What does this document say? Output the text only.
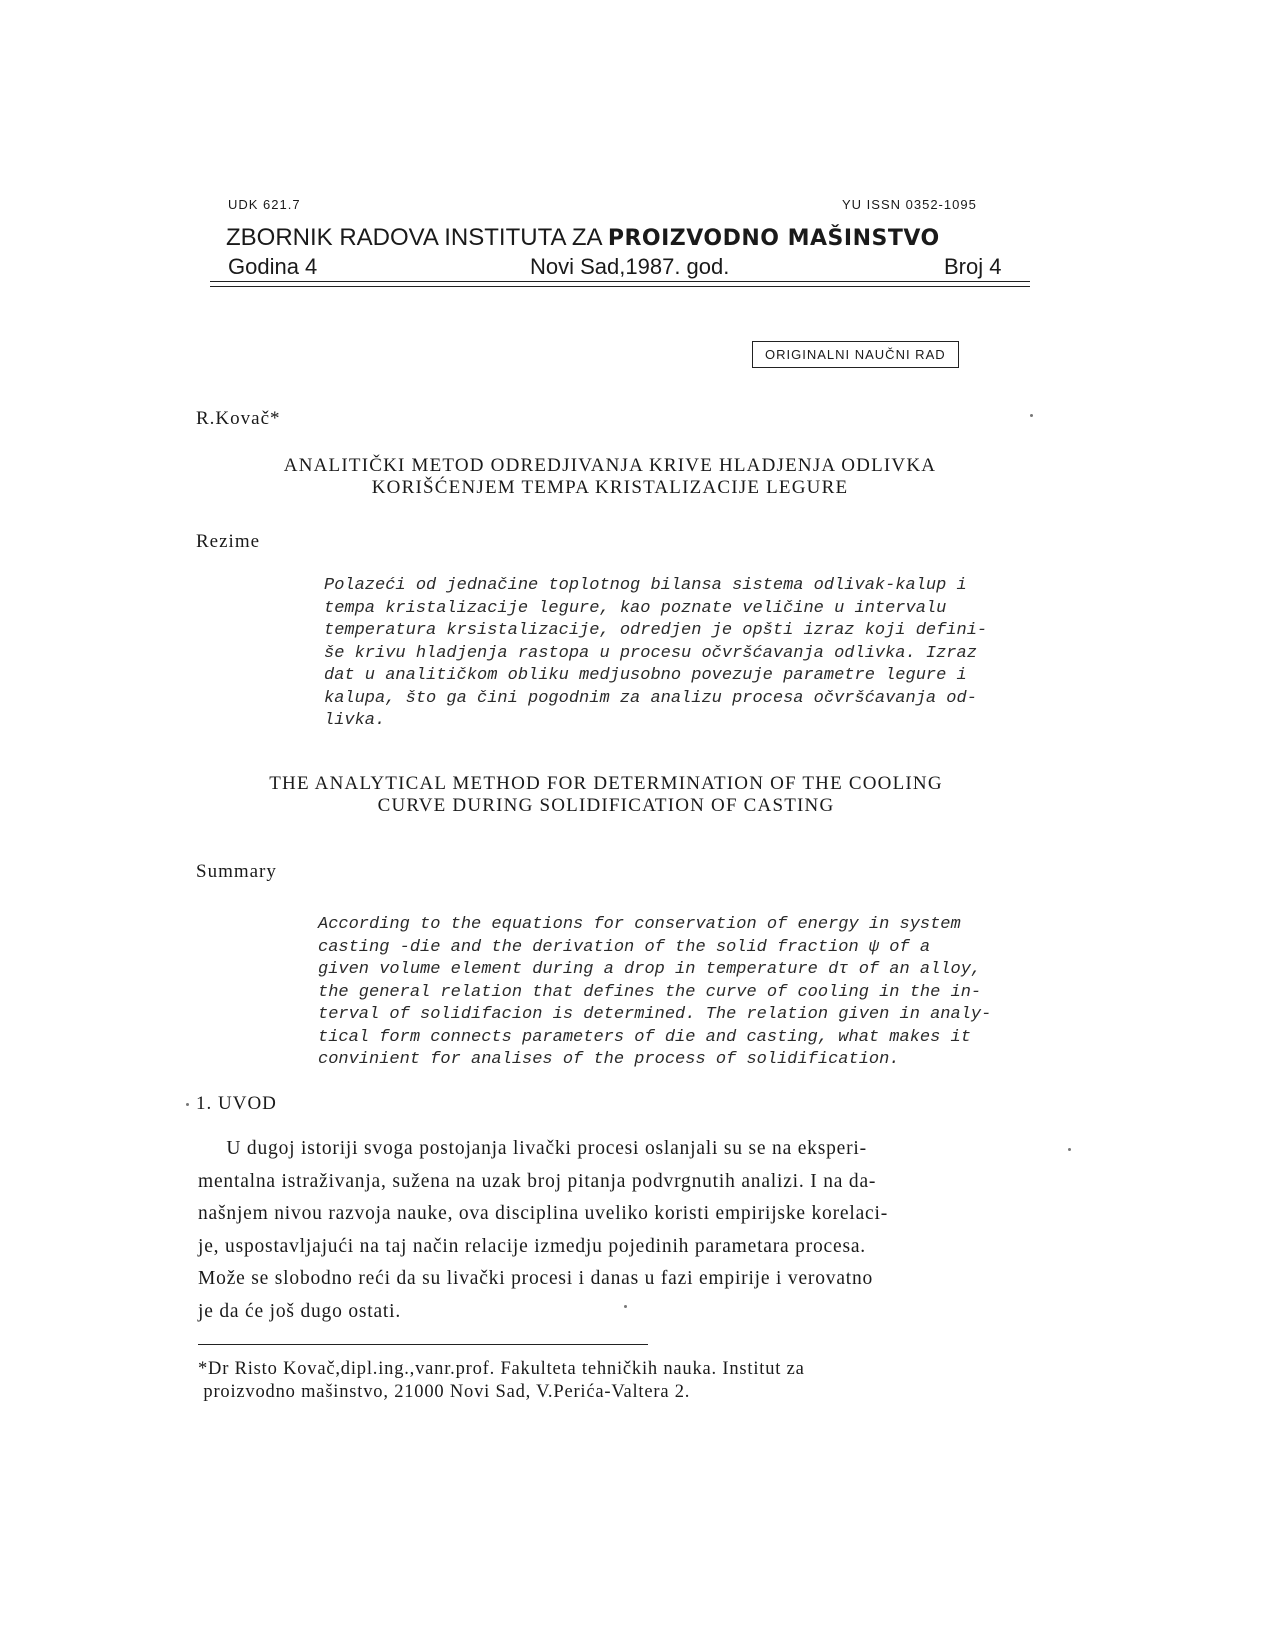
UDK 621.7	YU ISSN 0352-1095
ZBORNIK RADOVA INSTITUTA ZA PROIZVODNO MAŠINSTVO
Godina 4	Novi Sad,1987. god.	Broj 4
ORIGINALNI NAUČNI RAD
R.Kovač*
ANALITIČKI METOD ODREDJIVANJA KRIVE HLADJENJA ODLIVKA
KORIŠĆENJEM TEMPA KRISTALIZACIJE LEGURE
Rezime
Polazeći od jednačine toplotnog bilansa sistema odlivak-kalup i
tempa kristalizacije legure, kao poznate veličine u intervalu
temperatura krsistalizacije, odredjen je opšti izraz koji defini-
še krivu hladjenja rastopa u procesu očvršćavanja odlivka. Izraz
dat u analitičkom obliku medjusobno povezuje parametre legure i
kalupa, što ga čini pogodnim za analizu procesa očvršćavanja od-
livka.
THE ANALYTICAL METHOD FOR DETERMINATION OF THE COOLING
CURVE DURING SOLIDIFICATION OF CASTING
Summary
According to the equations for conservation of energy in system
casting -die and the derivation of the solid fraction ψ of a
given volume element during a drop in temperature dτ of an alloy,
the general relation that defines the curve of cooling in the in-
terval of solidifacion is determined. The relation given in analy-
tical form connects parameters of die and casting, what makes it
convinient for analises of the process of solidification.
1. UVOD
U dugoj istoriji svoga postojanja livački procesi oslanjali su se na eksperi-
mentalna istraživanja, sužena na uzak broj pitanja podvrgnutih analizi. I na da-
našnjem nivou razvoja nauke, ova disciplina uveliko koristi empirijske korelaci-
je, uspostavljajući na taj način relacije izmedju pojedinih parametara procesa.
Može se slobodno reći da su livački procesi i danas u fazi empirije i verovatno
je da će još dugo ostati.
*Dr Risto Kovač,dipl.ing.,vanr.prof. Fakulteta tehničkih nauka. Institut za
proizvodno mašinstvo, 21000 Novi Sad, V.Perića-Valtera 2.
